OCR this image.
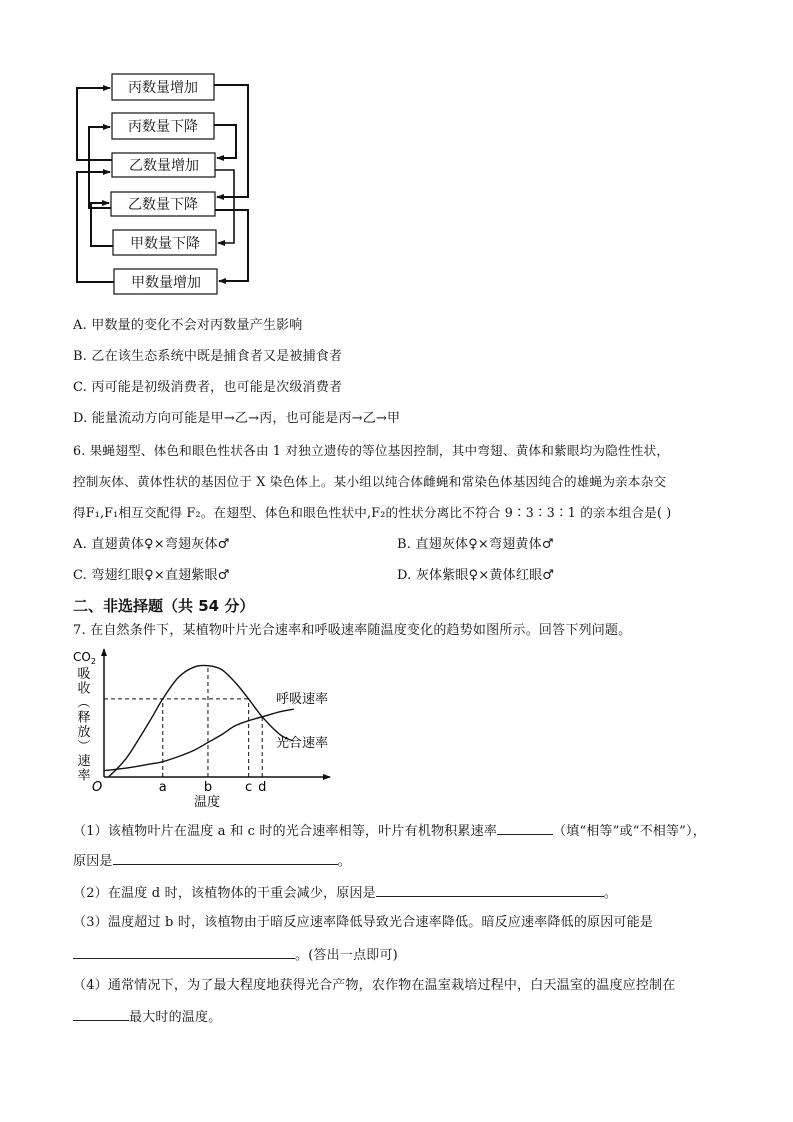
丙数量增加
丙数量下降
乙数量增加
乙数量下降
甲数量下降
甲数量增加
A. 甲数量的变化不会对丙数量产生影响
B. 乙在该生态系统中既是捕食者又是被捕食者
C. 丙可能是初级消费者，也可能是次级消费者
D. 能量流动方向可能是甲→乙→丙，也可能是丙→乙→甲
6. 果蝇翅型、体色和眼色性状各由 1 对独立遗传的等位基因控制，其中弯翅、黄体和紫眼均为隐性性状，
控制灰体、黄体性状的基因位于 X 染色体上。某小组以纯合体雌蝇和常染色体基因纯合的雄蝇为亲本杂交
得F₁,F₁相互交配得 F₂。在翅型、体色和眼色性状中,F₂的性状分离比不符合 9∶3∶3∶1 的亲本组合是( )
A. 直翅黄体♀×弯翅灰体♂	B. 直翅灰体♀×弯翅黄体♂
C. 弯翅红眼♀×直翅紫眼♂	D. 灰体紫眼♀×黄体红眼♂
二、非选择题（共 54 分）
7. 在自然条件下，某植物叶片光合速率和呼吸速率随温度变化的趋势如图所示。回答下列问题。
a	b	c d
$CO_2$
吸
收
（
释
放
）
速
率
O
温度
呼吸速率
光合速率
（1）该植物叶片在温度 a 和 c 时的光合速率相等，叶片有机物积累速率	（填“相等”或“不相等”），
原因是	。
（2）在温度 d 时，该植物体的干重会减少，原因是	。
（3）温度超过 b 时，该植物由于暗反应速率降低导致光合速率降低。暗反应速率降低的原因可能是
。(答出一点即可)
（4）通常情况下，为了最大程度地获得光合产物，农作物在温室栽培过程中，白天温室的温度应控制在
最大时的温度。
